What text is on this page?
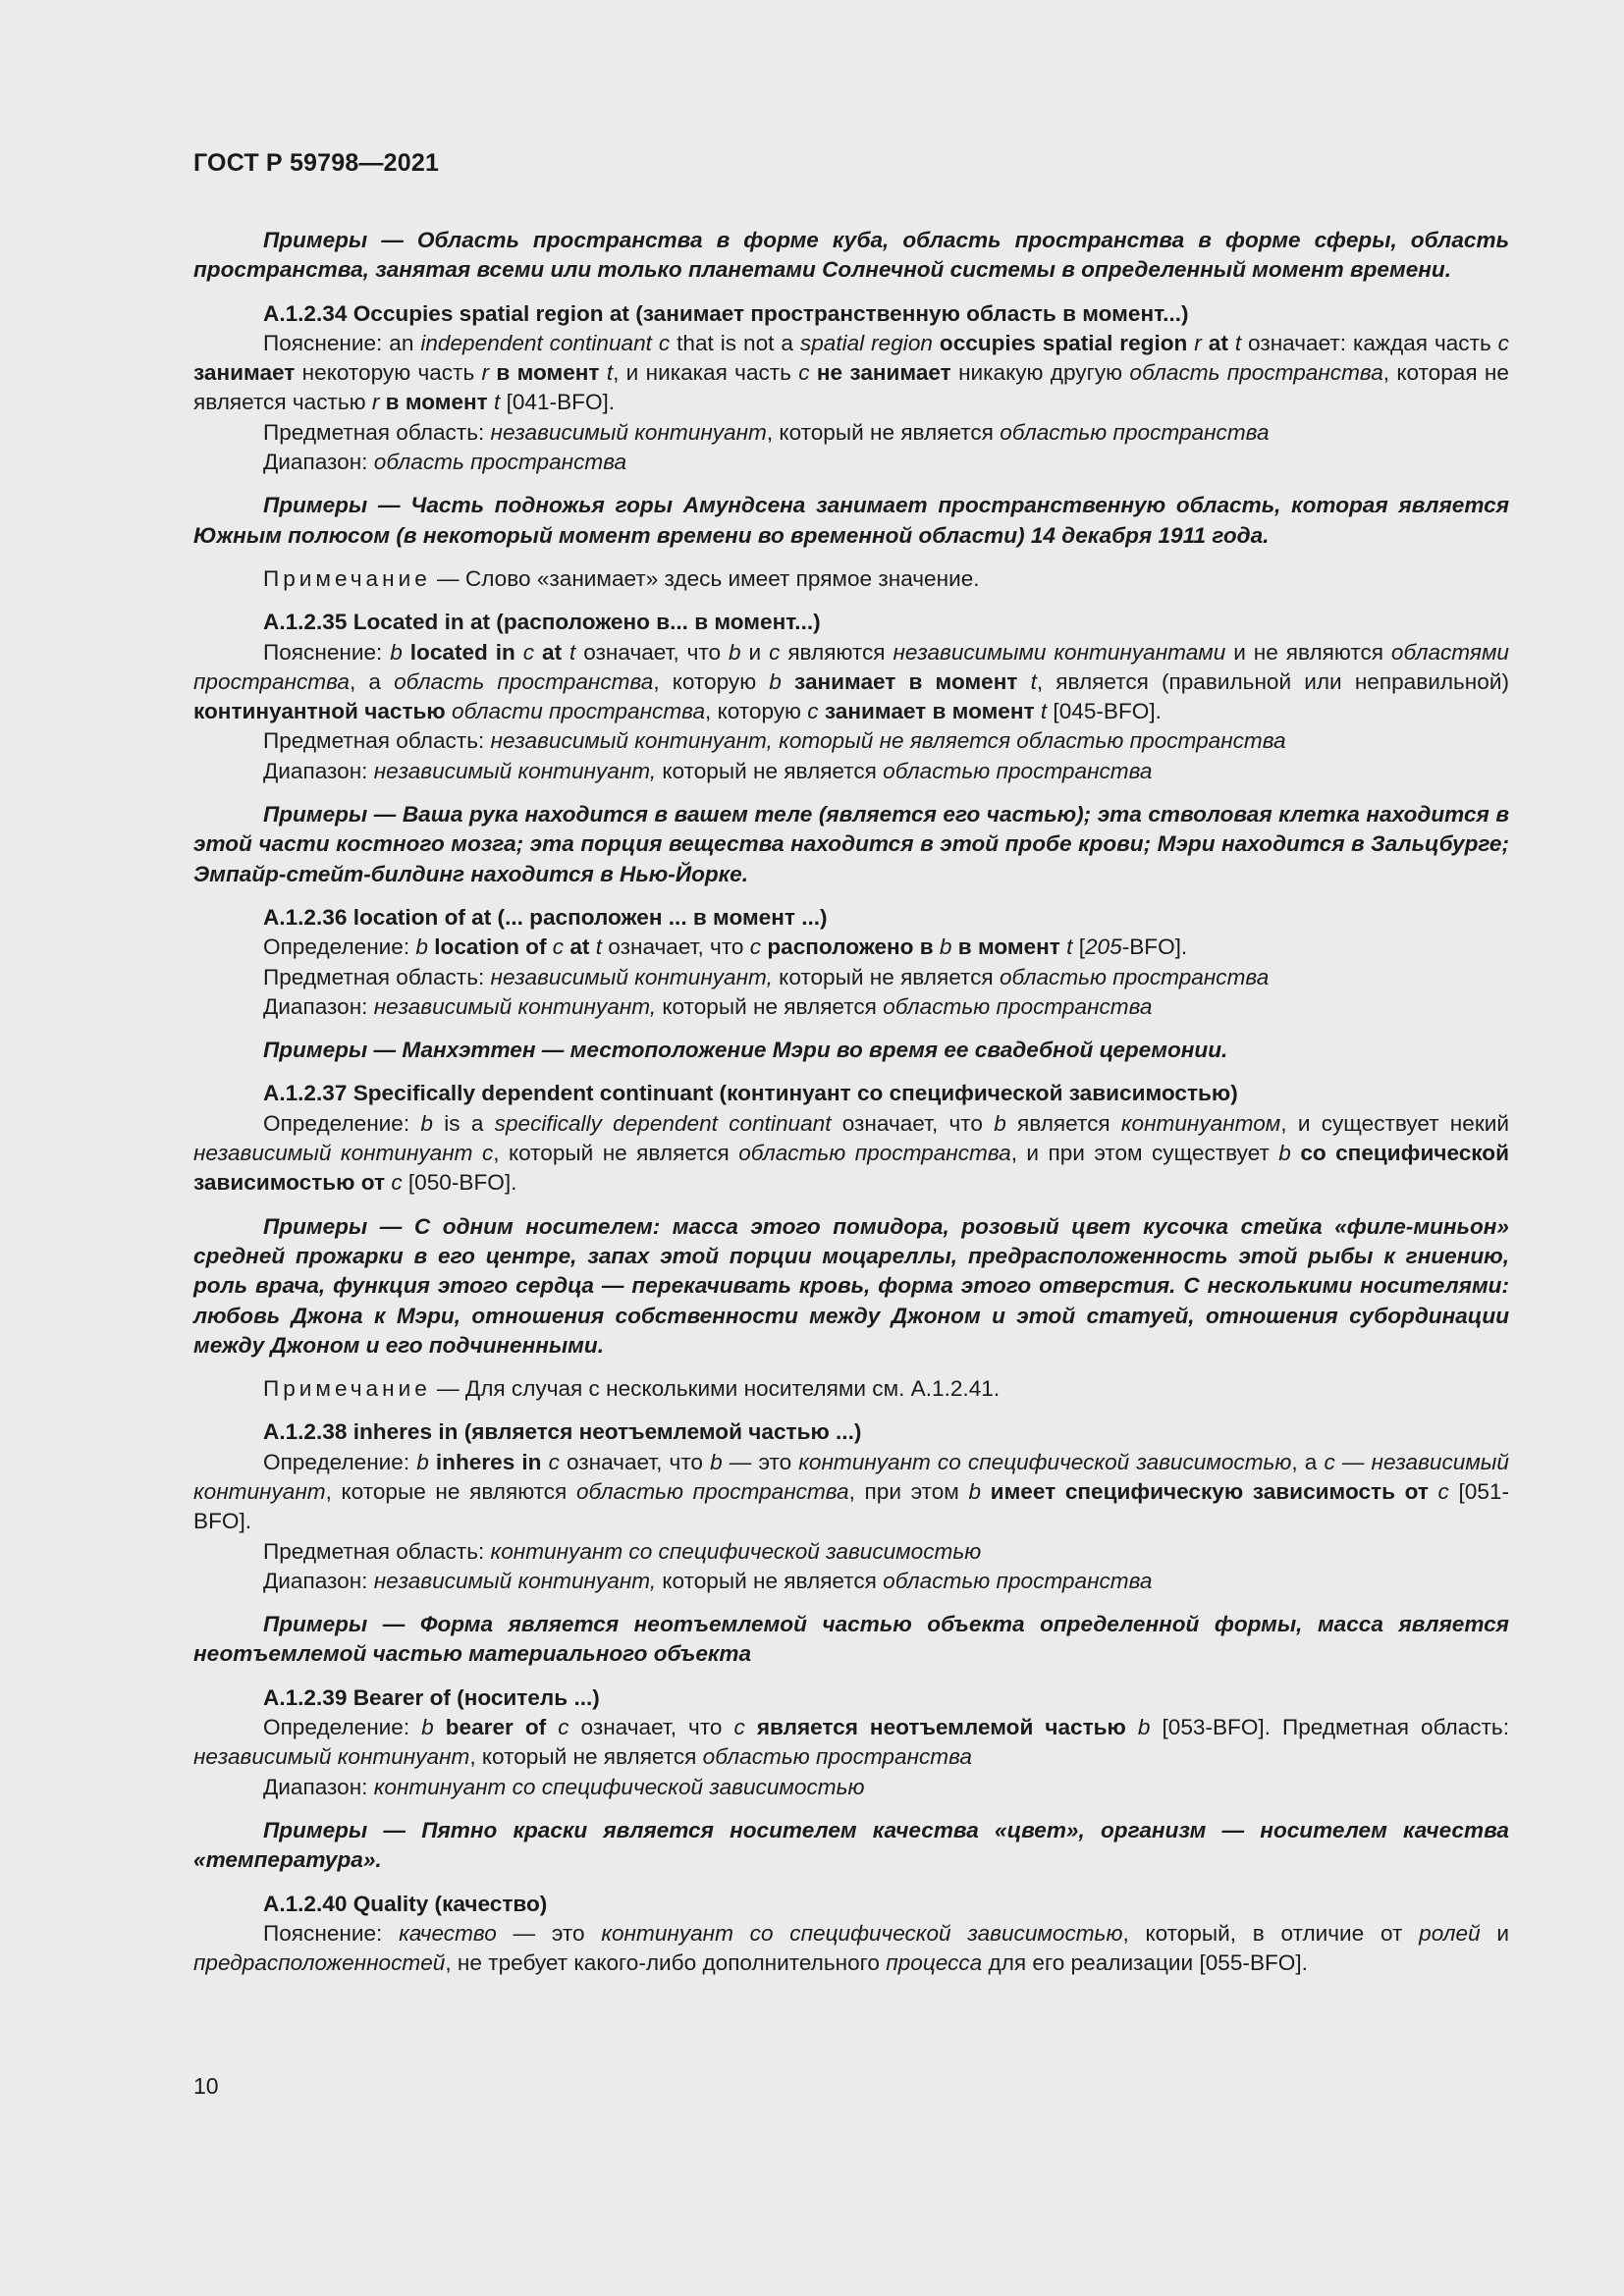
ГОСТ Р 59798—2021

Примеры — Область пространства в форме куба, область пространства в форме сферы, область пространства, занятая всеми или только планетами Солнечной системы в определенный момент времени.

А.1.2.34 Occupies spatial region at (занимает пространственную область в момент...)

Пояснение: an independent continuant c that is not a spatial region occupies spatial region r at t означает: каждая часть c занимает некоторую часть r в момент t, и никакая часть c не занимает никакую другую область пространства, которая не является частью r в момент t [041-BFO].

Предметная область: независимый континуант, который не является областью пространства

Диапазон: область пространства

Примеры — Часть подножья горы Амундсена занимает пространственную область, которая является Южным полюсом (в некоторый момент времени во временной области) 14 декабря 1911 года.

Примечание — Слово «занимает» здесь имеет прямое значение.

А.1.2.35 Located in at (расположено в... в момент...)

Пояснение: b located in c at t означает, что b и c являются независимыми континуантами и не являются областями пространства, а область пространства, которую b занимает в момент t, является (правильной или неправильной) континуантной частью области пространства, которую c занимает в момент t [045-BFO].

Предметная область: независимый континуант, который не является областью пространства

Диапазон: независимый континуант, который не является областью пространства

Примеры — Ваша рука находится в вашем теле (является его частью); эта стволовая клетка находится в этой части костного мозга; эта порция вещества находится в этой пробе крови; Мэри находится в Зальцбурге; Эмпайр-стейт-билдинг находится в Нью-Йорке.

А.1.2.36 location of at (... расположен ... в момент ...)

Определение: b location of c at t означает, что c расположено в b в момент t [205-BFO].

Предметная область: независимый континуант, который не является областью пространства

Диапазон: независимый континуант, который не является областью пространства

Примеры — Манхэттен — местоположение Мэри во время ее свадебной церемонии.

А.1.2.37 Specifically dependent continuant (континуант со специфической зависимостью)

Определение: b is a specifically dependent continuant означает, что b является континуантом, и существует некий независимый континуант c, который не является областью пространства, и при этом существует b со специфической зависимостью от c [050-BFO].

Примеры — С одним носителем: масса этого помидора, розовый цвет кусочка стейка «филе-миньон» средней прожарки в его центре, запах этой порции моцареллы, предрасположенность этой рыбы к гниению, роль врача, функция этого сердца — перекачивать кровь, форма этого отверстия. С несколькими носителями: любовь Джона к Мэри, отношения собственности между Джоном и этой статуей, отношения субординации между Джоном и его подчиненными.

Примечание — Для случая с несколькими носителями см. А.1.2.41.

А.1.2.38 inheres in (является неотъемлемой частью ...)

Определение: b inheres in c означает, что b — это континуант со специфической зависимостью, а c — независимый континуант, которые не являются областью пространства, при этом b имеет специфическую зависимость от c [051-BFO].

Предметная область: континуант со специфической зависимостью

Диапазон: независимый континуант, который не является областью пространства

Примеры — Форма является неотъемлемой частью объекта определенной формы, масса является неотъемлемой частью материального объекта

А.1.2.39 Bearer of (носитель ...)

Определение: b bearer of c означает, что c является неотъемлемой частью b [053-BFO]. Предметная область: независимый континуант, который не является областью пространства

Диапазон: континуант со специфической зависимостью

Примеры — Пятно краски является носителем качества «цвет», организм — носителем качества «температура».

А.1.2.40 Quality (качество)

Пояснение: качество — это континуант со специфической зависимостью, который, в отличие от ролей и предрасположенностей, не требует какого-либо дополнительного процесса для его реализации [055-BFO].

10
